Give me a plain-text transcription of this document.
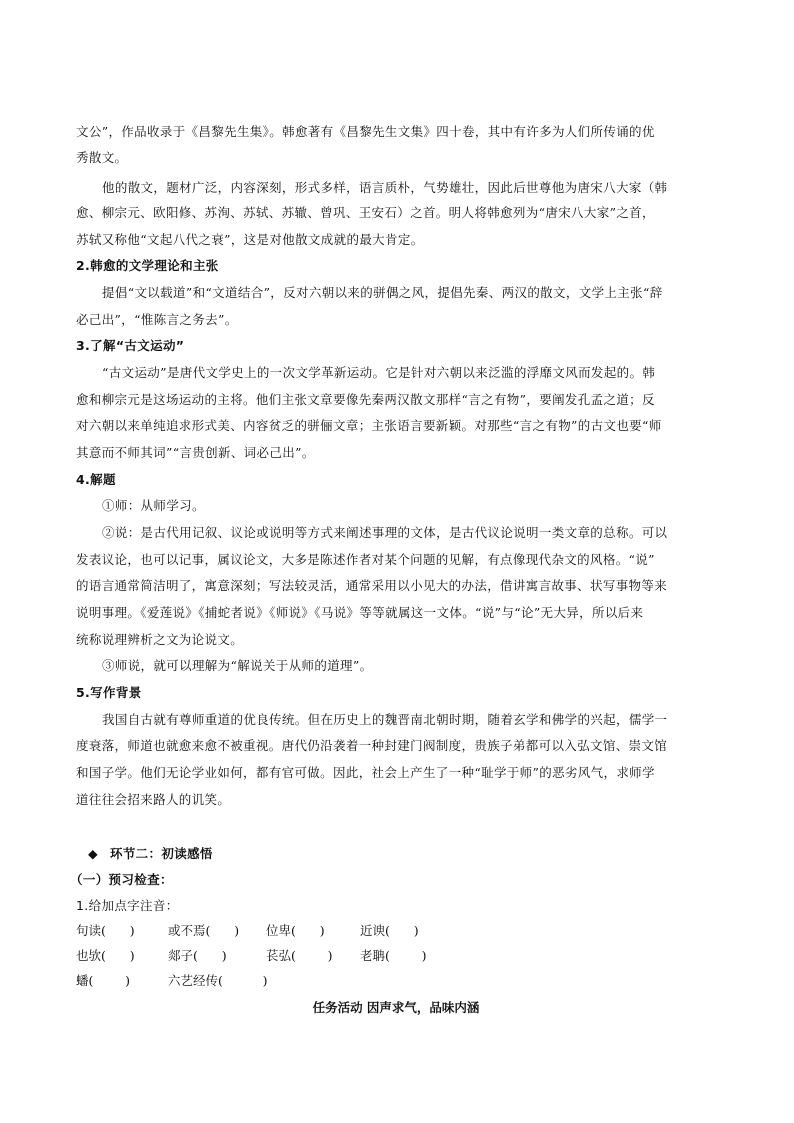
文公”，作品收录于《昌黎先生集》。韩愈著有《昌黎先生文集》四十卷，其中有许多为人们所传诵的优
秀散文。
他的散文，题材广泛，内容深刻，形式多样，语言质朴，气势雄壮，因此后世尊他为唐宋八大家（韩
愈、柳宗元、欧阳修、苏洵、苏轼、苏辙、曾巩、王安石）之首。明人将韩愈列为“唐宋八大家”之首，
苏轼又称他“文起八代之衰”，这是对他散文成就的最大肯定。
2.韩愈的文学理论和主张
提倡“文以载道”和“文道结合”，反对六朝以来的骈偶之风，提倡先秦、两汉的散文，文学上主张“辞
必己出”，“惟陈言之务去”。
3.了解“古文运动”
“古文运动”是唐代文学史上的一次文学革新运动。它是针对六朝以来泛滥的浮靡文风而发起的。韩
愈和柳宗元是这场运动的主将。他们主张文章要像先秦两汉散文那样“言之有物”，要阐发孔孟之道；反
对六朝以来单纯追求形式美、内容贫乏的骈俪文章；主张语言要新颖。对那些“言之有物”的古文也要“师
其意而不师其词”“言贵创新、词必己出”。
4.解题
①师：从师学习。
②说：是古代用记叙、议论或说明等方式来阐述事理的文体，是古代议论说明一类文章的总称。可以
发表议论，也可以记事，属议论文，大多是陈述作者对某个问题的见解，有点像现代杂文的风格。“说”
的语言通常简洁明了，寓意深刻；写法较灵活，通常采用以小见大的办法，借讲寓言故事、状写事物等来
说明事理。《爱莲说》《捕蛇者说》《师说》《马说》等等就属这一文体。“说”与“论”无大异，所以后来
统称说理辨析之文为论说文。
③师说，就可以理解为“解说关于从师的道理”。
5.写作背景
我国自古就有尊师重道的优良传统。但在历史上的魏晋南北朝时期，随着玄学和佛学的兴起，儒学一
度衰落，师道也就愈来愈不被重视。唐代仍沿袭着一种封建门阀制度，贵族子弟都可以入弘文馆、崇文馆
和国子学。他们无论学业如何，都有官可做。因此，社会上产生了一种“耻学于师”的恶劣风气，求师学
道往往会招来路人的讥笑。
◆ 环节二：初读感悟
（一）预习检查：
1.给加点字注音：
句读(      )	或不焉(      ) 位卑(      )	近谀(      )
也欤(      )	郯子(      )	苌弘(        ) 老聃(        )
蟠(        )	六艺经传(          )
任务活动 因声求气，品味内涵
